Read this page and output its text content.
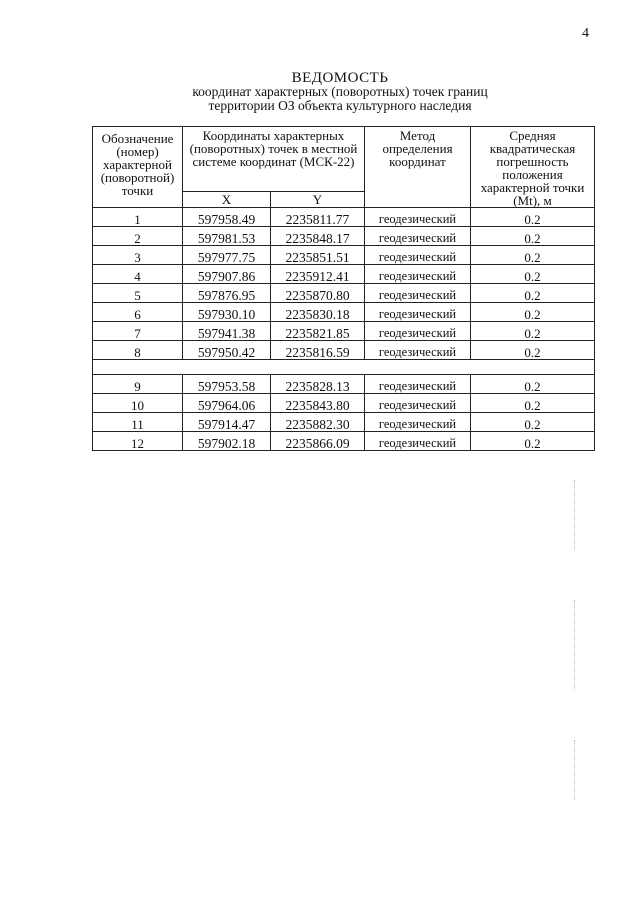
4
ВЕДОМОСТЬ
координат характерных (поворотных) точек границ
территории ОЗ объекта культурного наследия
Обозначение (номер) характерной (поворотной) точки	Координаты характерных (поворотных) точек в местной системе координат (МСК-22)		Метод определения координат	Средняя квадратическая погрешность положения характерной точки (Mt), м
	X	Y		
1	597958.49	2235811.77	геодезический	0.2
2	597981.53	2235848.17	геодезический	0.2
3	597977.75	2235851.51	геодезический	0.2
4	597907.86	2235912.41	геодезический	0.2
5	597876.95	2235870.80	геодезический	0.2
6	597930.10	2235830.18	геодезический	0.2
7	597941.38	2235821.85	геодезический	0.2
8	597950.42	2235816.59	геодезический	0.2

9	597953.58	2235828.13	геодезический	0.2
10	597964.06	2235843.80	геодезический	0.2
11	597914.47	2235882.30	геодезический	0.2
12	597902.18	2235866.09	геодезический	0.2
